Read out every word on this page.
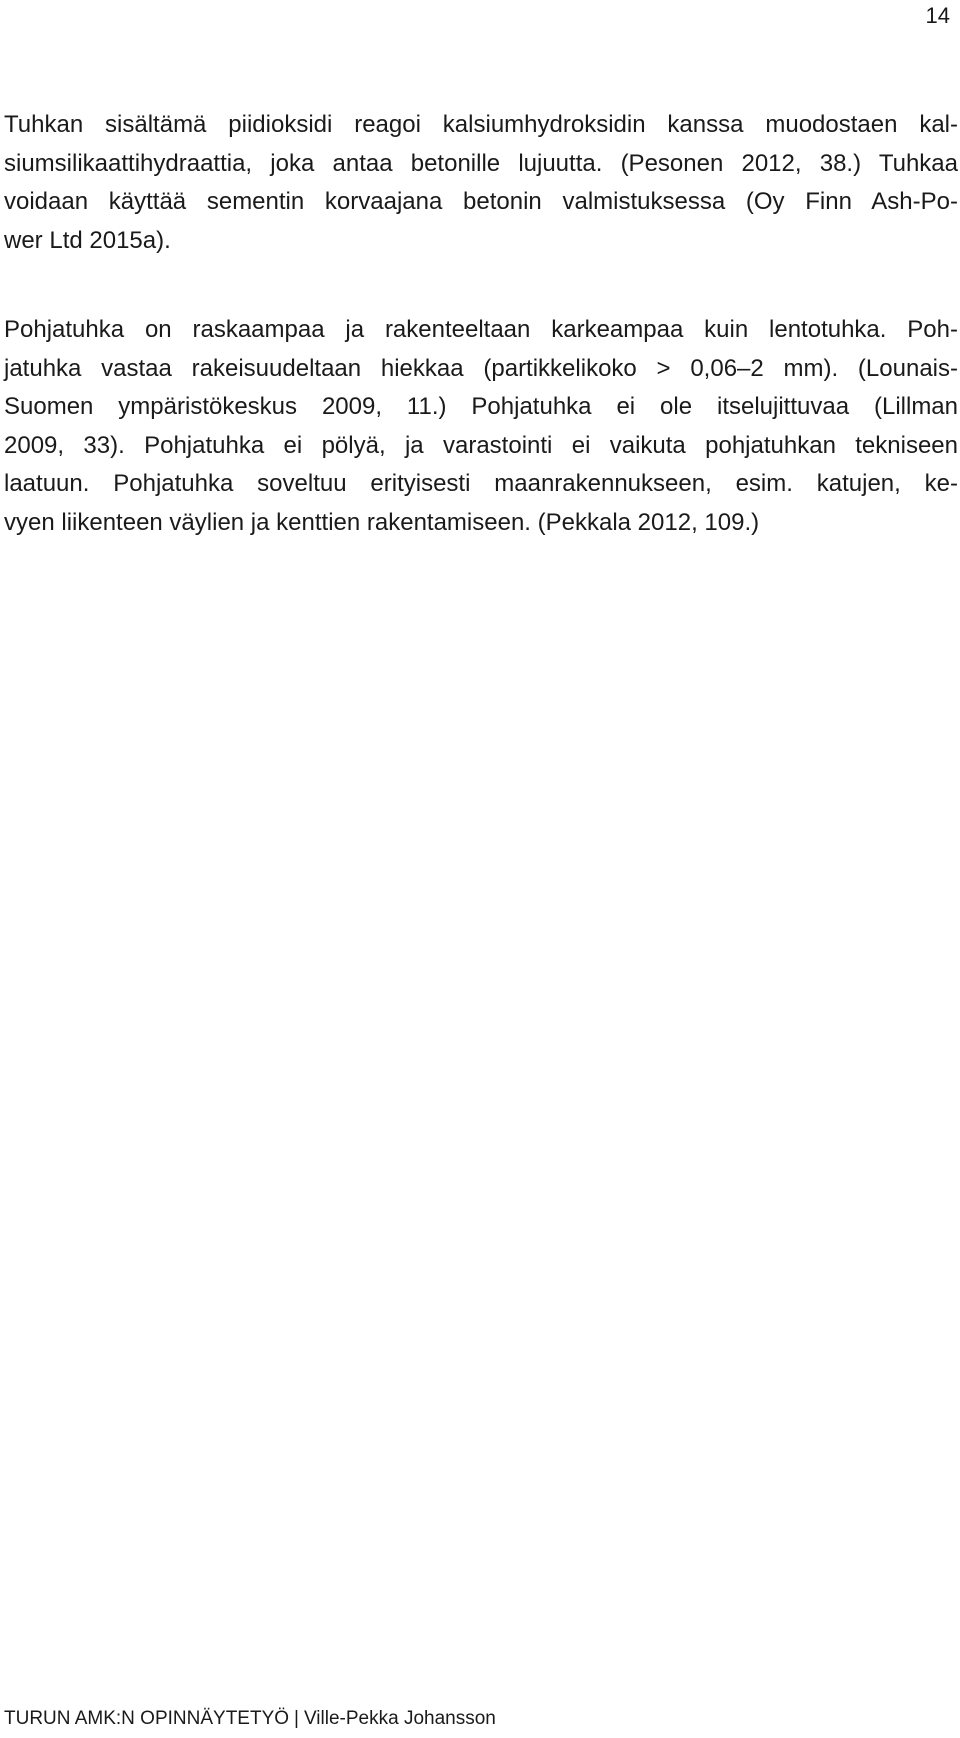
14

Tuhkan sisältämä piidioksidi reagoi kalsiumhydroksidin kanssa muodostaen kal-
siumsilikaattihydraattia, joka antaa betonille lujuutta. (Pesonen 2012, 38.) Tuhkaa
voidaan käyttää sementin korvaajana betonin valmistuksessa (Oy Finn Ash-Po-
wer Ltd 2015a).

Pohjatuhka on raskaampaa ja rakenteeltaan karkeampaa kuin lentotuhka. Poh-
jatuhka vastaa rakeisuudeltaan hiekkaa (partikkelikoko > 0,06–2 mm). (Lounais-
Suomen ympäristökeskus 2009, 11.) Pohjatuhka ei ole itselujittuvaa (Lillman
2009, 33). Pohjatuhka ei pölyä, ja varastointi ei vaikuta pohjatuhkan tekniseen
laatuun. Pohjatuhka soveltuu erityisesti maanrakennukseen, esim. katujen, ke-
vyen liikenteen väylien ja kenttien rakentamiseen. (Pekkala 2012, 109.)

TURUN AMK:N OPINNÄYTETYÖ | Ville-Pekka Johansson
